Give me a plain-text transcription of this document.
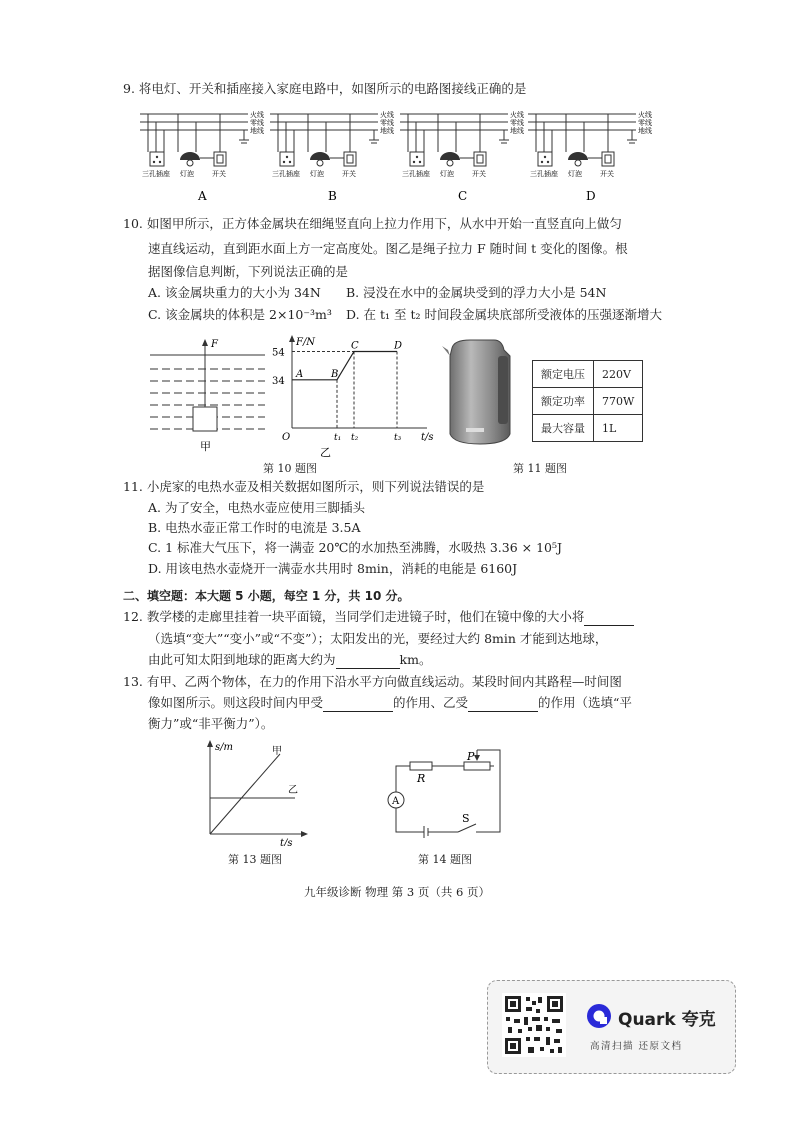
9. 将电灯、开关和插座接入家庭电路中，如图所示的电路图接线正确的是
火线
零线
地线
三孔插座 灯泡	开关
A
火线
零线
地线
三孔插座 灯泡	开关
B
火线
零线
地线
三孔插座 灯泡	开关
C
火线
零线
地线
三孔插座 灯泡	开关
D
10. 如图甲所示，正方体金属块在细绳竖直向上拉力作用下，从水中开始一直竖直向上做匀
速直线运动，直到距水面上方一定高度处。图乙是绳子拉力 F 随时间 t 变化的图像。根
据图像信息判断，下列说法正确的是
A. 该金属块重力的大小为 34N B. 浸没在水中的金属块受到的浮力大小是 54N
C. 该金属块的体积是 2×10⁻³m³ D. 在 t₁ 至 t₂ 时间段金属块底部所受液体的压强逐渐增大
F
甲
F/N
54
34
O	t₁ t₂	t₃ t/s
A	B
C	D
乙
第 10 题图
额定电压	220V
额定功率	770W
最大容量	1L
第 11 题图
11. 小虎家的电热水壶及相关数据如图所示，则下列说法错误的是
A. 为了安全，电热水壶应使用三脚插头
B. 电热水壶正常工作时的电流是 3.5A
C. 1 标准大气压下，将一满壶 20℃的水加热至沸腾，水吸热 3.36 × 10⁵J
D. 用该电热水壶烧开一满壶水共用时 8min，消耗的电能是 6160J
二、填空题：本大题 5 小题，每空 1 分，共 10 分。
12. 教学楼的走廊里挂着一块平面镜，当同学们走进镜子时，他们在镜中像的大小将
（选填“变大”“变小”或“不变”）；太阳发出的光，要经过大约 8min 才能到达地球，
由此可知太阳到地球的距离大约为	km。
13. 有甲、乙两个物体，在力的作用下沿水平方向做直线运动。某段时间内其路程—时间图
像如图所示。则这段时间内甲受	的作用、乙受	的作用（选填“平
衡力”或“非平衡力”）。
s/m
t/s
甲
乙
第 13 题图
A
R
P
S
第 14 题图
九年级诊断 物理 第 3 页（共 6 页）
Quark 夸克
高清扫描 还原文档
